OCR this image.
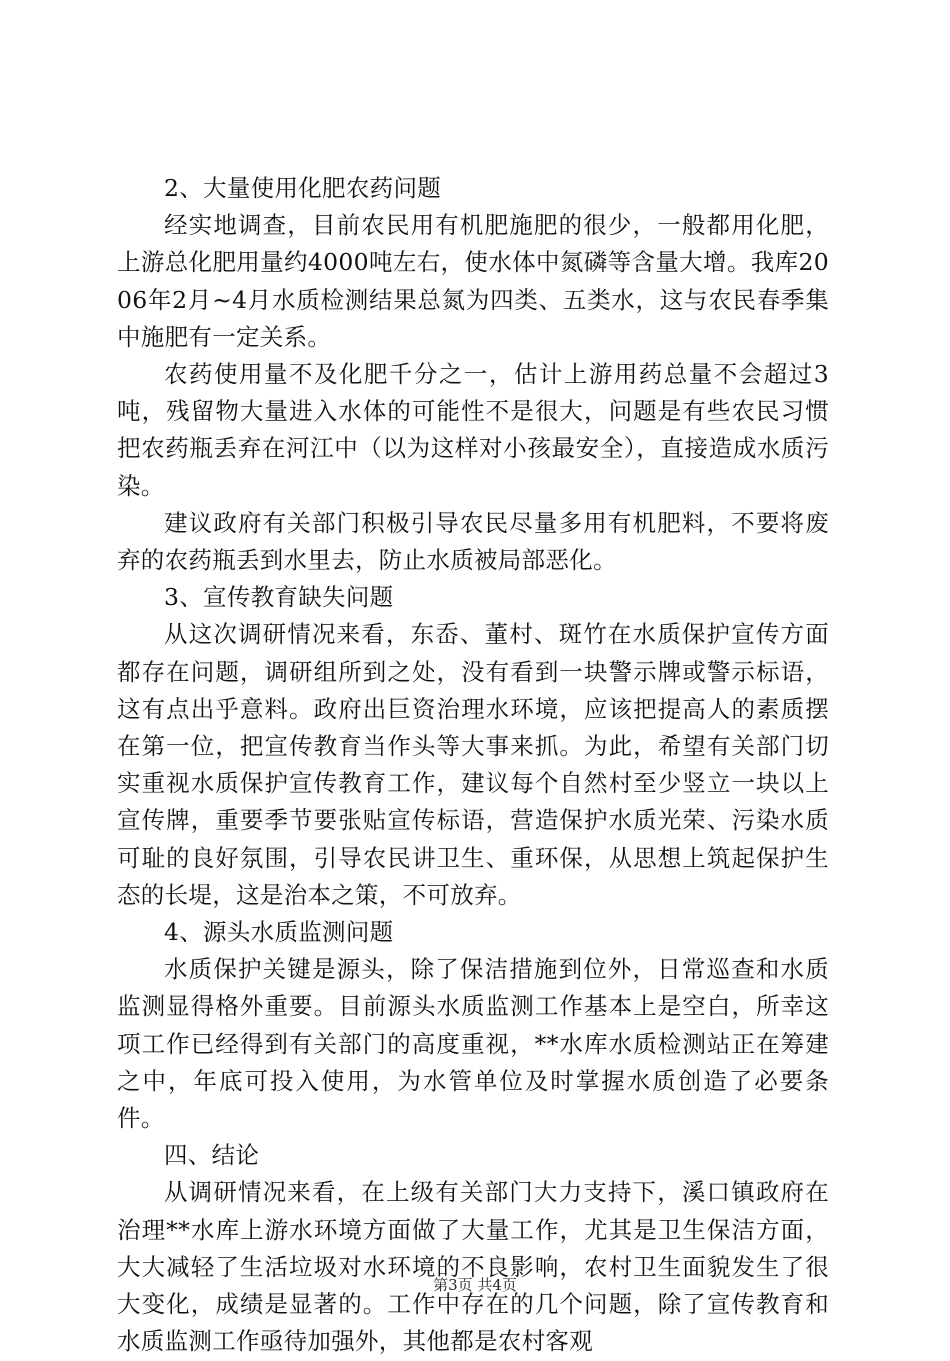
2、大量使用化肥农药问题

经实地调查，目前农民用有机肥施肥的很少，一般都用化肥，上游总化肥用量约4000吨左右，使水体中氮磷等含量大增。我库2006年2月~4月水质检测结果总氮为四类、五类水，这与农民春季集中施肥有一定关系。

农药使用量不及化肥千分之一，估计上游用药总量不会超过3吨，残留物大量进入水体的可能性不是很大，问题是有些农民习惯把农药瓶丢弃在河江中（以为这样对小孩最安全），直接造成水质污染。

建议政府有关部门积极引导农民尽量多用有机肥料，不要将废弃的农药瓶丢到水里去，防止水质被局部恶化。

3、宣传教育缺失问题

从这次调研情况来看，东岙、董村、斑竹在水质保护宣传方面都存在问题，调研组所到之处，没有看到一块警示牌或警示标语，这有点出乎意料。政府出巨资治理水环境，应该把提高人的素质摆在第一位，把宣传教育当作头等大事来抓。为此，希望有关部门切实重视水质保护宣传教育工作，建议每个自然村至少竖立一块以上宣传牌，重要季节要张贴宣传标语，营造保护水质光荣、污染水质可耻的良好氛围，引导农民讲卫生、重环保，从思想上筑起保护生态的长堤，这是治本之策，不可放弃。

4、源头水质监测问题

水质保护关键是源头，除了保洁措施到位外，日常巡查和水质监测显得格外重要。目前源头水质监测工作基本上是空白，所幸这项工作已经得到有关部门的高度重视，**水库水质检测站正在筹建之中，年底可投入使用，为水管单位及时掌握水质创造了必要条件。

四、结论

从调研情况来看，在上级有关部门大力支持下，溪口镇政府在治理**水库上游水环境方面做了大量工作，尤其是卫生保洁方面，大大减轻了生活垃圾对水环境的不良影响，农村卫生面貌发生了很大变化，成绩是显著的。工作中存在的几个问题，除了宣传教育和水质监测工作亟待加强外，其他都是农村客观

第3页 共4页
